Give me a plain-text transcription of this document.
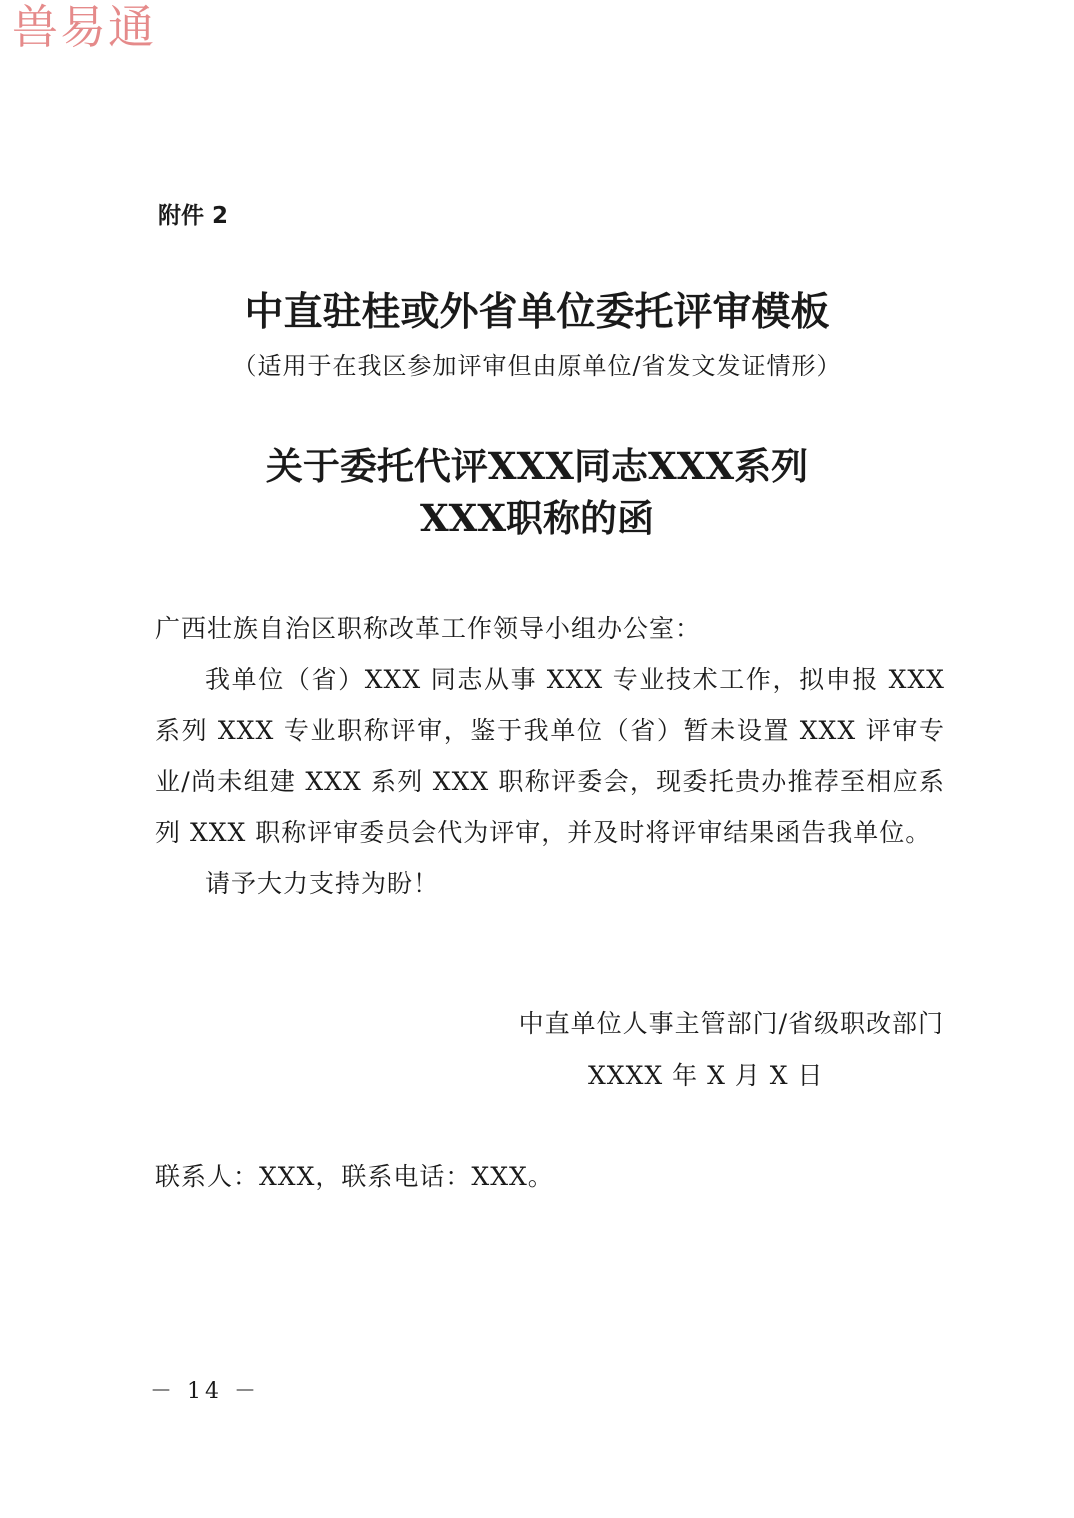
兽易通
附件 2
中直驻桂或外省单位委托评审模板
（适用于在我区参加评审但由原单位/省发文发证情形）
关于委托代评XXX同志XXX系列
XXX职称的函

广西壮族自治区职称改革工作领导小组办公室：

我单位（省）XXX 同志从事 XXX 专业技术工作，拟申报 XXX 系列 XXX 专业职称评审，鉴于我单位（省）暂未设置 XXX 评审专业/尚未组建 XXX 系列 XXX 职称评委会，现委托贵办推荐至相应系列 XXX 职称评审委员会代为评审，并及时将评审结果函告我单位。

请予大力支持为盼！

中直单位人事主管部门/省级职改部门
XXXX 年 X 月 X 日
联系人：XXX，联系电话：XXX。
－ 14 －
